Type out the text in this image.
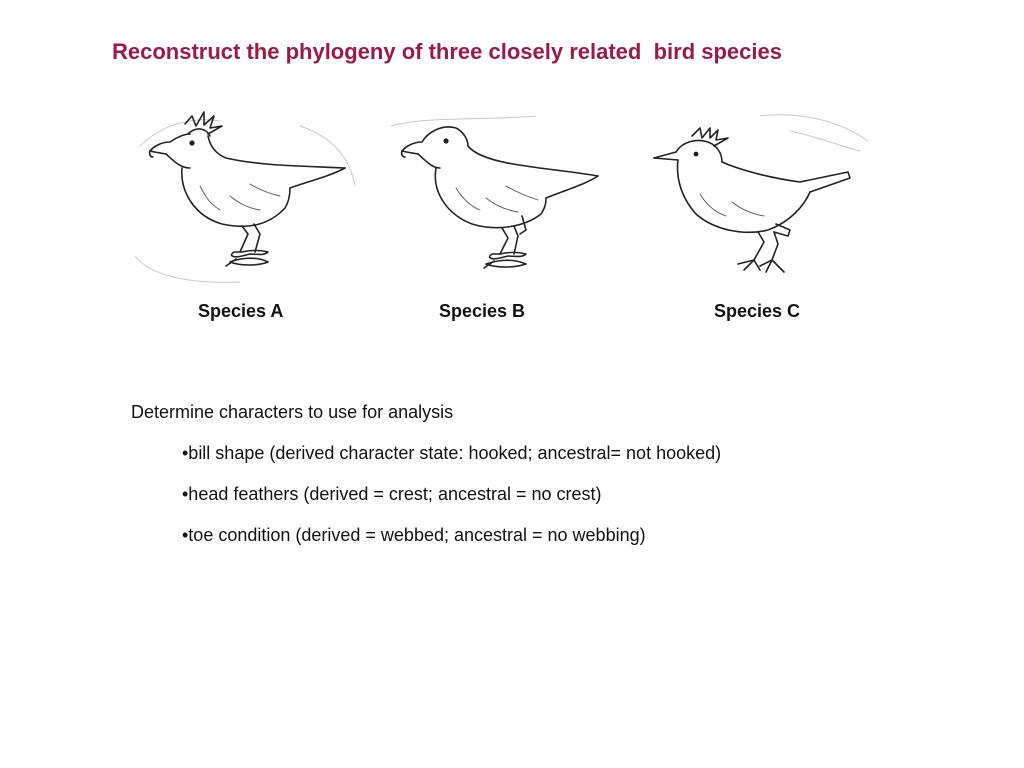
Reconstruct the phylogeny of three closely related  bird species
Species A	Species B	Species C
Determine characters to use for analysis
•bill shape (derived character state: hooked; ancestral= not hooked)
•head feathers (derived = crest; ancestral = no crest)
•toe condition (derived = webbed; ancestral = no webbing)
